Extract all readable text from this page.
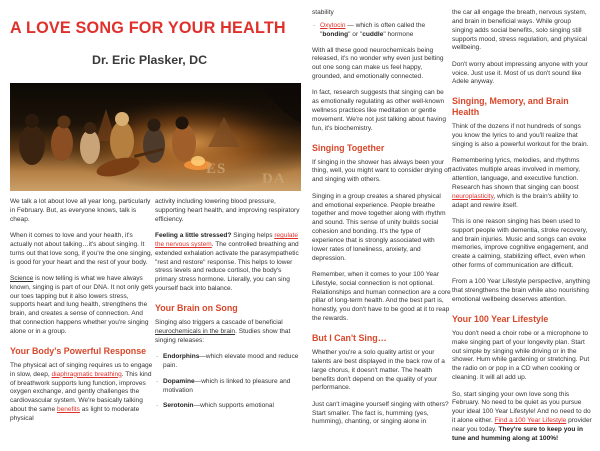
A LOVE SONG FOR YOUR HEALTH
Dr. Eric Plasker, DC
ES
DA

We talk a lot about love all year long, particularly in February. But, as everyone knows, talk is cheap.

When it comes to love and your health, it's actually not about talking…it's about singing. It turns out that love song, if you're the one singing, is good for your heart and the rest of your body.

Science is now telling is what we have always known, singing is part of our DNA. It not only gets our toes tapping but it also lowers stress, supports heart and lung health, strengthens the brain, and creates a sense of connection. And that connection happens whether you're singing alone or in a group.

Your Body's Powerful Response

The physical act of singing requires us to engage in slow, deep, diaphragmatic breathing. This kind of breathwork supports lung function, improves oxygen exchange, and gently challenges the cardiovascular system. We're basically talking about the same benefits as light to moderate physical

activity including lowering blood pressure, supporting heart health, and improving respiratory efficiency.

Feeling a little stressed? Singing helps regulate the nervous system. The controlled breathing and extended exhalation activate the parasympathetic "rest and restore" response. This helps to lower stress levels and reduce cortisol, the body's primary stress hormone. Literally, you can sing yourself back into balance.

Your Brain on Song

Singing also triggers a cascade of beneficial neurochemicals in the brain. Studies show that singing releases:

· Endorphins—which elevate mood and reduce pain.
· Dopamine—which is linked to pleasure and motivation
· Serotonin—which supports emotional

stability

· Oxytocin — which is often called the "bonding" or "cuddle" hormone

With all these good neurochemicals being released, it's no wonder why even just belting out one song can make us feel happy, grounded, and emotionally connected.

In fact, research suggests that singing can be as emotionally regulating as other well-known wellness practices like meditation or gentle movement. We're not just talking about having fun, it's biochemistry.

Singing Together

If singing in the shower has always been your thing, well, you might want to consider drying off and singing with others.

Singing in a group creates a shared physical and emotional experience. People breathe together and move together along with rhythm and sound. This sense of unity builds social cohesion and bonding. It's the type of experience that is strongly associated with lower rates of loneliness, anxiety, and depression.

Remember, when it comes to your 100 Year Lifestyle, social connection is not optional. Relationships and human connection are a core pillar of long-term health. And the best part is, honestly, you don't have to be good at it to reap the rewards.

But I Can't Sing…

Whether you're a solo quality artist or your talents are best displayed in the back row of a large chorus, it doesn't matter. The health benefits don't depend on the quality of your performance.

Just can't imagine yourself singing with others? Start smaller. The fact is, humming (yes, humming), chanting, or singing alone in

the car all engage the breath, nervous system, and brain in beneficial ways. While group singing adds social benefits, solo singing still supports mood, stress regulation, and physical wellbeing.

Don't worry about impressing anyone with your voice. Just use it. Most of us don't sound like Adele anyway.

Singing, Memory, and Brain Health

Think of the dozens if not hundreds of songs you know the lyrics to and you'll realize that singing is also a powerful workout for the brain.

Remembering lyrics, melodies, and rhythms activates multiple areas involved in memory, attention, language, and executive function. Research has shown that singing can boost neuroplasticity, which is the brain's ability to adapt and rewire itself.

This is one reason singing has been used to support people with dementia, stroke recovery, and brain injuries. Music and songs can evoke memories, improve cognitive engagement, and create a calming, stabilizing effect, even when other forms of communication are difficult.

From a 100 Year Lifestyle perspective, anything that strengthens the brain while also nourishing emotional wellbeing deserves attention.

Your 100 Year Lifestyle

You don't need a choir robe or a microphone to make singing part of your longevity plan. Start out simple by singing while driving or in the shower. Hum while gardening or stretching. Put the radio on or pop in a CD when cooking or cleaning. It will all add up.

So, start singing your own love song this February. No need to be quiet as you pursue your ideal 100 Year Lifestyle! And no need to do it alone either. Find a 100 Year Lifestyle provider near you today. They're sure to keep you in tune and humming along at 100%!
